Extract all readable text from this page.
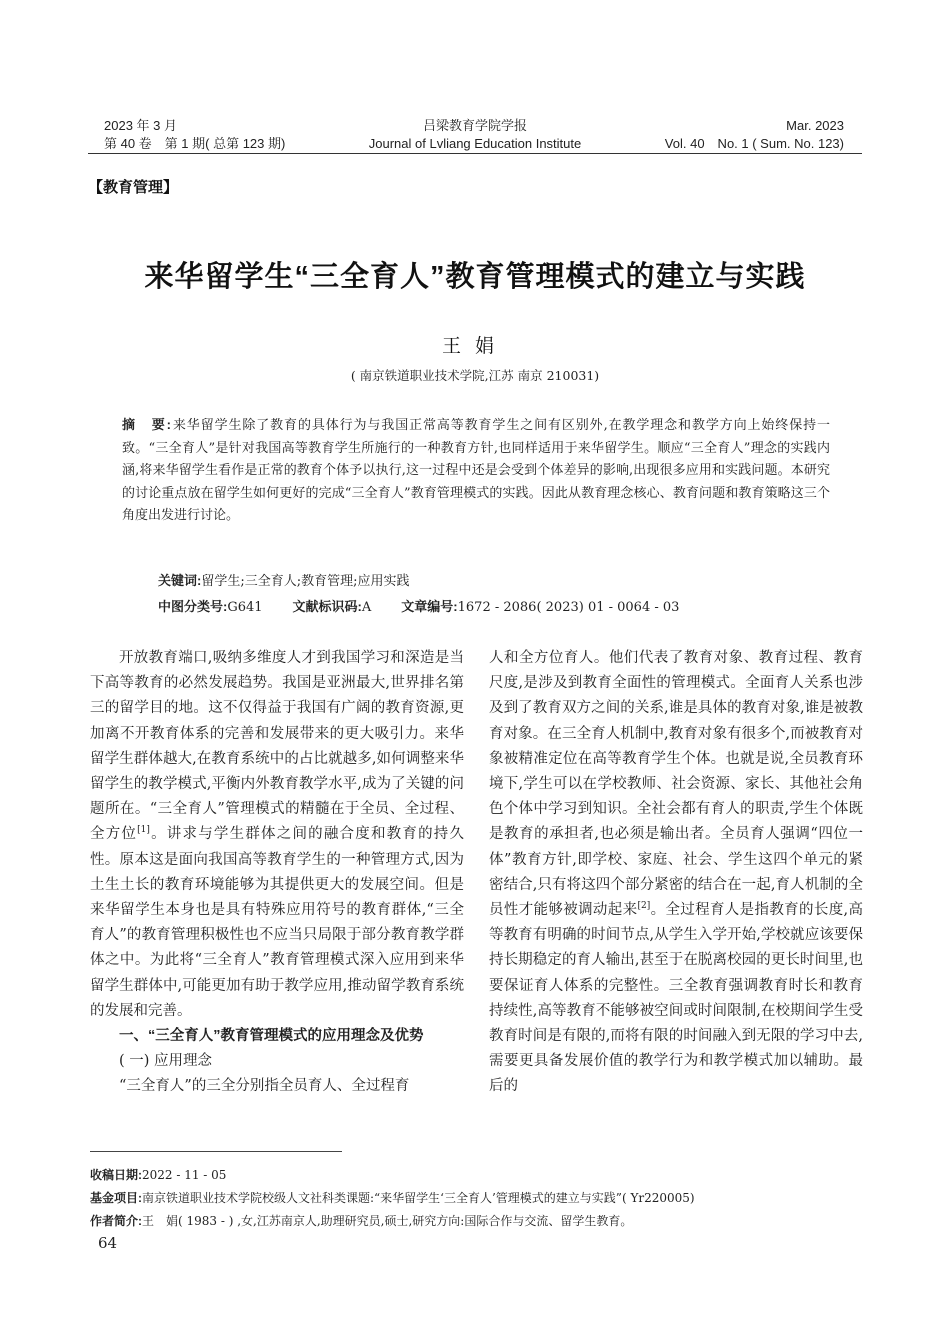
2023 年 3 月
第 40 卷　第 1 期( 总第 123 期)
吕梁教育学院学报
Journal of Lvliang Education Institute
Mar. 2023
Vol. 40　No. 1 ( Sum. No. 123)
【教育管理】
来华留学生“三全育人”教育管理模式的建立与实践
王娟
( 南京铁道职业技术学院,江苏 南京 210031)
摘　要:来华留学生除了教育的具体行为与我国正常高等教育学生之间有区别外,在教学理念和教学方向上始终保持一致。“三全育人”是针对我国高等教育学生所施行的一种教育方针,也同样适用于来华留学生。顺应“三全育人”理念的实践内涵,将来华留学生看作是正常的教育个体予以执行,这一过程中还是会受到个体差异的影响,出现很多应用和实践问题。本研究的讨论重点放在留学生如何更好的完成“三全育人”教育管理模式的实践。因此从教育理念核心、教育问题和教育策略这三个角度出发进行讨论。
关键词:留学生;三全育人;教育管理;应用实践
中图分类号:G641 文献标识码:A 文章编号:1672 - 2086( 2023) 01 - 0064 - 03

开放教育端口,吸纳多维度人才到我国学习和深造是当下高等教育的必然发展趋势。我国是亚洲最大,世界排名第三的留学目的地。这不仅得益于我国有广阔的教育资源,更加离不开教育体系的完善和发展带来的更大吸引力。来华留学生群体越大,在教育系统中的占比就越多,如何调整来华留学生的教学模式,平衡内外教育教学水平,成为了关键的问题所在。“三全育人”管理模式的精髓在于全员、全过程、全方位[1]。讲求与学生群体之间的融合度和教育的持久性。原本这是面向我国高等教育学生的一种管理方式,因为土生土长的教育环境能够为其提供更大的发展空间。但是来华留学生本身也是具有特殊应用符号的教育群体,“三全育人”的教育管理积极性也不应当只局限于部分教育教学群体之中。为此将“三全育人”教育管理模式深入应用到来华留学生群体中,可能更加有助于教学应用,推动留学教育系统的发展和完善。

一、“三全育人”教育管理模式的应用理念及优势

( 一) 应用理念

“三全育人”的三全分别指全员育人、全过程育

人和全方位育人。他们代表了教育对象、教育过程、教育尺度,是涉及到教育全面性的管理模式。全面育人关系也涉及到了教育双方之间的关系,谁是具体的教育对象,谁是被教育对象。在三全育人机制中,教育对象有很多个,而被教育对象被精准定位在高等教育学生个体。也就是说,全员教育环境下,学生可以在学校教师、社会资源、家长、其他社会角色个体中学习到知识。全社会都有育人的职责,学生个体既是教育的承担者,也必须是输出者。全员育人强调“四位一体”教育方针,即学校、家庭、社会、学生这四个单元的紧密结合,只有将这四个部分紧密的结合在一起,育人机制的全员性才能够被调动起来[2]。全过程育人是指教育的长度,高等教育有明确的时间节点,从学生入学开始,学校就应该要保持长期稳定的育人输出,甚至于在脱离校园的更长时间里,也要保证育人体系的完整性。三全教育强调教育时长和教育持续性,高等教育不能够被空间或时间限制,在校期间学生受教育时间是有限的,而将有限的时间融入到无限的学习中去,需要更具备发展价值的教学行为和教学模式加以辅助。最后的

收稿日期:2022 - 11 - 05
基金项目:南京铁道职业技术学院校级人文社科类课题:“来华留学生‘三全育人’管理模式的建立与实践”( Yr220005)
作者简介:王　娟( 1983 - ) ,女,江苏南京人,助理研究员,硕士,研究方向:国际合作与交流、留学生教育。
64
